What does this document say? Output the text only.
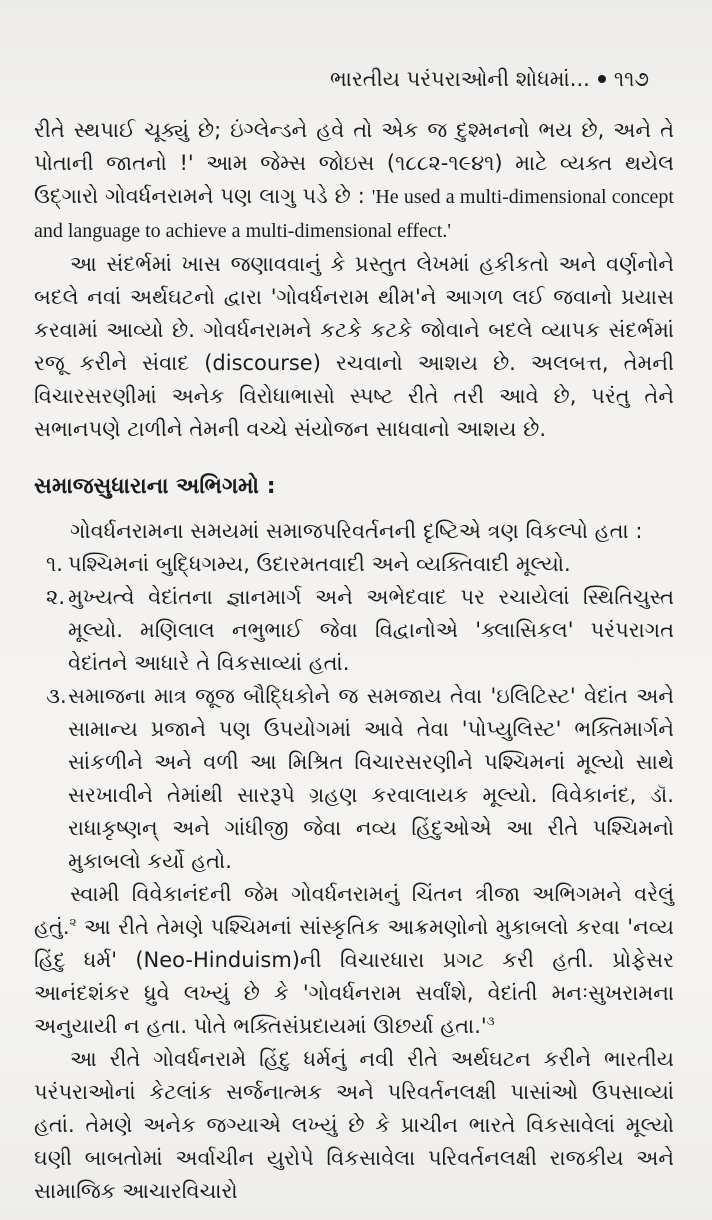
ભારતીય પરંપરાઓની શોધમાં... ૧૧૭

રીતે સ્થપાઈ ચૂક્યું છે; ઇંગ્લેન્ડને હવે તો એક જ દુશ્મનનો ભય છે, અને તે પોતાની જાતનો !' આમ જેમ્સ જોઇસ (૧૮૮૨-૧૯૪૧) માટે વ્યક્ત થયેલ ઉદ્ગારો ગોવર્ધનરામને પણ લાગુ પડે છે : 'He used a multi-dimensional concept and language to achieve a multi-dimensional effect.'

આ સંદર્ભમાં ખાસ જણાવવાનું કે પ્રસ્તુત લેખમાં હકીકતો અને વર્ણનોને બદલે નવાં અર્થઘટનો દ્વારા 'ગોવર્ધનરામ થીમ'ને આગળ લઈ જવાનો પ્રયાસ કરવામાં આવ્યો છે. ગોવર્ધનરામને કટકે કટકે જોવાને બદલે વ્યાપક સંદર્ભમાં રજૂ કરીને સંવાદ (discourse) રચવાનો આશય છે. અલબત્ત, તેમની વિચારસરણીમાં અનેક વિરોધાભાસો સ્પષ્ટ રીતે તરી આવે છે, પરંતુ તેને સભાનપણે ટાળીને તેમની વચ્ચે સંયોજન સાધવાનો આશય છે.

સમાજસુધારાના અભિગમો :

ગોવર્ધનરામના સમયમાં સમાજપરિવર્તનની દૃષ્ટિએ ત્રણ વિકલ્પો હતા :

૧. પશ્ચિમનાં બુદ્ધિગમ્ય, ઉદારમતવાદી અને વ્યક્તિવાદી મૂલ્યો.
૨. મુખ્યત્વે વેદાંતના જ્ઞાનમાર્ગ અને અભેદવાદ પર રચાયેલાં સ્થિતિચુસ્ત મૂલ્યો. મણિલાલ નભુભાઈ જેવા વિદ્વાનોએ 'ક્લાસિકલ' પરંપરાગત વેદાંતને આધારે તે વિકસાવ્યાં હતાં.
૩. સમાજના માત્ર જૂજ બૌદ્ધિકોને જ સમજાય તેવા 'ઇલિટિસ્ટ' વેદાંત અને સામાન્ય પ્રજાને પણ ઉપયોગમાં આવે તેવા 'પોપ્યુલિસ્ટ' ભક્તિમાર્ગને સાંકળીને અને વળી આ મિશ્રિત વિચારસરણીને પશ્ચિમનાં મૂલ્યો સાથે સરખાવીને તેમાંથી સારરૂપે ગ્રહણ કરવાલાયક મૂલ્યો. વિવેકાનંદ, ડૉ. રાધાકૃષ્ણન્ અને ગાંધીજી જેવા નવ્ય હિંદુઓએ આ રીતે પશ્ચિમનો મુકાબલો કર્યો હતો.

સ્વામી વિવેકાનંદની જેમ ગોવર્ધનરામનું ચિંતન ત્રીજા અભિગમને વરેલું હતું.$^૨$ આ રીતે તેમણે પશ્ચિમનાં સાંસ્કૃતિક આક્રમણોનો મુકાબલો કરવા 'નવ્ય હિંદુ ધર્મ' (Neo-Hinduism)ની વિચારધારા પ્રગટ કરી હતી. પ્રોફેસર આનંદશંકર ધ્રુવે લખ્યું છે કે 'ગોવર્ધનરામ સર્વાંશે, વેદાંતી મનઃસુખરામના અનુયાયી ન હતા. પોતે ભક્તિસંપ્રદાયમાં ઊછર્યા $હતા.'^૩$

આ રીતે ગોવર્ધનરામે હિંદુ ધર્મનું નવી રીતે અર્થઘટન કરીને ભારતીય પરંપરાઓનાં કેટલાંક સર્જનાત્મક અને પરિવર્તનલક્ષી પાસાંઓ ઉપસાવ્યાં હતાં. તેમણે અનેક જગ્યાએ લખ્યું છે કે પ્રાચીન ભારતે વિકસાવેલાં મૂલ્યો ઘણી બાબતોમાં અર્વાચીન યુરોપે વિકસાવેલા પરિવર્તનલક્ષી રાજકીય અને સામાજિક આચારવિચારો
